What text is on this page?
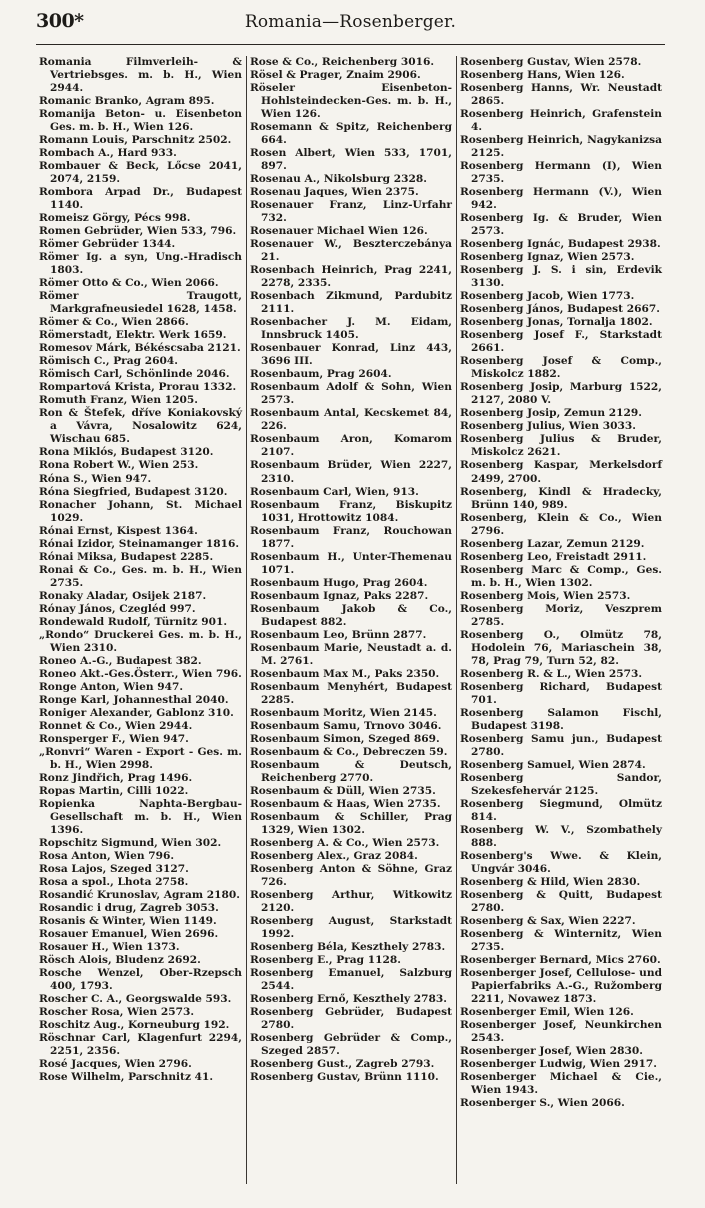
300*	Romania—Rosenberger.
Romania Filmverleih- & Vertriebsges. m. b. H., Wien 2944.
Romanic Branko, Agram 895.
Romanija Beton- u. Eisenbeton Ges. m. b. H., Wien 126.
Romann Louis, Parschnitz 2502.
Rombach A., Hard 933.
Rombauer & Beck, Lőcse 2041, 2074, 2159.
Rombora Arpad Dr., Budapest 1140.
Romeisz Görgy, Pécs 998.
Romen Gebrüder, Wien 533, 796.
Römer Gebrüder 1344.
Römer Ig. a syn, Ung.-Hradisch 1803.
Römer Otto & Co., Wien 2066.
Römer Traugott, Markgrafneusiedel 1628, 1458.
Römer & Co., Wien 2866.
Römerstadt, Elektr. Werk 1659.
Romesov Márk, Békéscsaba 2121.
Römisch C., Prag 2604.
Römisch Carl, Schönlinde 2046.
Rompartová Krista, Prorau 1332.
Romuth Franz, Wien 1205.
Ron & Štefek, dříve Koniakovský a Vávra, Nosalowitz 624, Wischau 685.
Rona Miklós, Budapest 3120.
Rona Robert W., Wien 253.
Róna S., Wien 947.
Róna Siegfried, Budapest 3120.
Ronacher Johann, St. Michael 1029.
Rónai Ernst, Kispest 1364.
Rónai Izidor, Steinamanger 1816.
Rónai Miksa, Budapest 2285.
Ronai & Co., Ges. m. b. H., Wien 2735.
Ronaky Aladar, Osijek 2187.
Rónay János, Czegléd 997.
Rondewald Rudolf, Türnitz 901.
„Rondo“ Druckerei Ges. m. b. H., Wien 2310.
Roneo A.-G., Budapest 382.
Roneo Akt.-Ges.Österr., Wien 796.
Ronge Anton, Wien 947.
Ronge Karl, Johannesthal 2040.
Roniger Alexander, Gablonz 310.
Ronnet & Co., Wien 2944.
Ronsperger F., Wien 947.
„Ronvri“ Waren - Export - Ges. m. b. H., Wien 2998.
Ronz Jindřich, Prag 1496.
Ropas Martin, Cilli 1022.
Ropienka Naphta-Bergbau-Gesellschaft m. b. H., Wien 1396.
Ropschitz Sigmund, Wien 302.
Rosa Anton, Wien 796.
Rosa Lajos, Szeged 3127.
Rosa a spol., Lhota 2758.
Rosandić Krunoslav, Agram 2180.
Rosandic i drug, Zagreb 3053.
Rosanis & Winter, Wien 1149.
Rosauer Emanuel, Wien 2696.
Rosauer H., Wien 1373.
Rösch Alois, Bludenz 2692.
Rosche Wenzel, Ober-Rzepsch 400, 1793.
Roscher C. A., Georgswalde 593.
Roscher Rosa, Wien 2573.
Roschitz Aug., Korneuburg 192.
Röschnar Carl, Klagenfurt 2294, 2251, 2356.
Rosé Jacques, Wien 2796.
Rose Wilhelm, Parschnitz 41.
Rose & Co., Reichenberg 3016.
Rösel & Prager, Znaim 2906.
Röseler Eisenbeton-Hohlsteindecken-Ges. m. b. H., Wien 126.
Rosemann & Spitz, Reichenberg 664.
Rosen Albert, Wien 533, 1701, 897.
Rosenau A., Nikolsburg 2328.
Rosenau Jaques, Wien 2375.
Rosenauer Franz, Linz-Urfahr 732.
Rosenauer Michael Wien 126.
Rosenauer W., Beszterczebánya 21.
Rosenbach Heinrich, Prag 2241, 2278, 2335.
Rosenbach Zikmund, Pardubitz 2111.
Rosenbacher J. M. Eidam, Innsbruck 1405.
Rosenbauer Konrad, Linz 443, 3696 III.
Rosenbaum, Prag 2604.
Rosenbaum Adolf & Sohn, Wien 2573.
Rosenbaum Antal, Kecskemet 84, 226.
Rosenbaum Aron, Komarom 2107.
Rosenbaum Brüder, Wien 2227, 2310.
Rosenbaum Carl, Wien, 913.
Rosenbaum Franz, Biskupitz 1031, Hrottowitz 1084.
Rosenbaum Franz, Rouchowan 1877.
Rosenbaum H., Unter-Themenau 1071.
Rosenbaum Hugo, Prag 2604.
Rosenbaum Ignaz, Paks 2287.
Rosenbaum Jakob & Co., Budapest 882.
Rosenbaum Leo, Brünn 2877.
Rosenbaum Marie, Neustadt a. d. M. 2761.
Rosenbaum Max M., Paks 2350.
Rosenbaum Menyhért, Budapest 2285.
Rosenbaum Moritz, Wien 2145.
Rosenbaum Samu, Trnovo 3046.
Rosenbaum Simon, Szeged 869.
Rosenbaum & Co., Debreczen 59.
Rosenbaum & Deutsch, Reichenberg 2770.
Rosenbaum & Düll, Wien 2735.
Rosenbaum & Haas, Wien 2735.
Rosenbaum & Schiller, Prag 1329, Wien 1302.
Rosenberg A. & Co., Wien 2573.
Rosenberg Alex., Graz 2084.
Rosenberg Anton & Söhne, Graz 726.
Rosenberg Arthur, Witkowitz 2120.
Rosenberg August, Starkstadt 1992.
Rosenberg Béla, Keszthely 2783.
Rosenberg E., Prag 1128.
Rosenberg Emanuel, Salzburg 2544.
Rosenberg Ernő, Keszthely 2783.
Rosenberg Gebrüder, Budapest 2780.
Rosenberg Gebrüder & Comp., Szeged 2857.
Rosenberg Gust., Zagreb 2793.
Rosenberg Gustav, Brünn 1110.
Rosenberg Gustav, Wien 2578.
Rosenberg Hans, Wien 126.
Rosenberg Hanns, Wr. Neustadt 2865.
Rosenberg Heinrich, Grafenstein 4.
Rosenberg Heinrich, Nagykanizsa 2125.
Rosenberg Hermann (I), Wien 2735.
Rosenberg Hermann (V.), Wien 942.
Rosenberg Ig. & Bruder, Wien 2573.
Rosenberg Ignác, Budapest 2938.
Rosenberg Ignaz, Wien 2573.
Rosenberg J. S. i sin, Erdevik 3130.
Rosenberg Jacob, Wien 1773.
Rosenberg János, Budapest 2667.
Rosenberg Jonas, Tornalja 1802.
Rosenberg Josef F., Starkstadt 2661.
Rosenberg Josef & Comp., Miskolcz 1882.
Rosenberg Josip, Marburg 1522, 2127, 2080 V.
Rosenberg Josip, Zemun 2129.
Rosenberg Julius, Wien 3033.
Rosenberg Julius & Bruder, Miskolcz 2621.
Rosenberg Kaspar, Merkelsdorf 2499, 2700.
Rosenberg, Kindl & Hradecky, Brünn 140, 989.
Rosenberg, Klein & Co., Wien 2796.
Rosenberg Lazar, Zemun 2129.
Rosenberg Leo, Freistadt 2911.
Rosenberg Marc & Comp., Ges. m. b. H., Wien 1302.
Rosenberg Mois, Wien 2573.
Rosenberg Moriz, Veszprem 2785.
Rosenberg O., Olmütz 78, Hodolein 76, Mariaschein 38, 78, Prag 79, Turn 52, 82.
Rosenberg R. & L., Wien 2573.
Rosenberg Richard, Budapest 701.
Rosenberg Salamon Fischl, Budapest 3198.
Rosenberg Samu jun., Budapest 2780.
Rosenberg Samuel, Wien 2874.
Rosenberg Sandor, Szekesfehervár 2125.
Rosenberg Siegmund, Olmütz 814.
Rosenberg W. V., Szombathely 888.
Rosenberg's Wwe. & Klein, Ungvár 3046.
Rosenberg & Hild, Wien 2830.
Rosenberg & Quitt, Budapest 2780.
Rosenberg & Sax, Wien 2227.
Rosenberg & Winternitz, Wien 2735.
Rosenberger Bernard, Mics 2760.
Rosenberger Josef, Cellulose- und Papierfabriks A.-G., Ružomberg 2211, Novawez 1873.
Rosenberger Emil, Wien 126.
Rosenberger Josef, Neunkirchen 2543.
Rosenberger Josef, Wien 2830.
Rosenberger Ludwig, Wien 2917.
Rosenberger Michael & Cie., Wien 1943.
Rosenberger S., Wien 2066.
